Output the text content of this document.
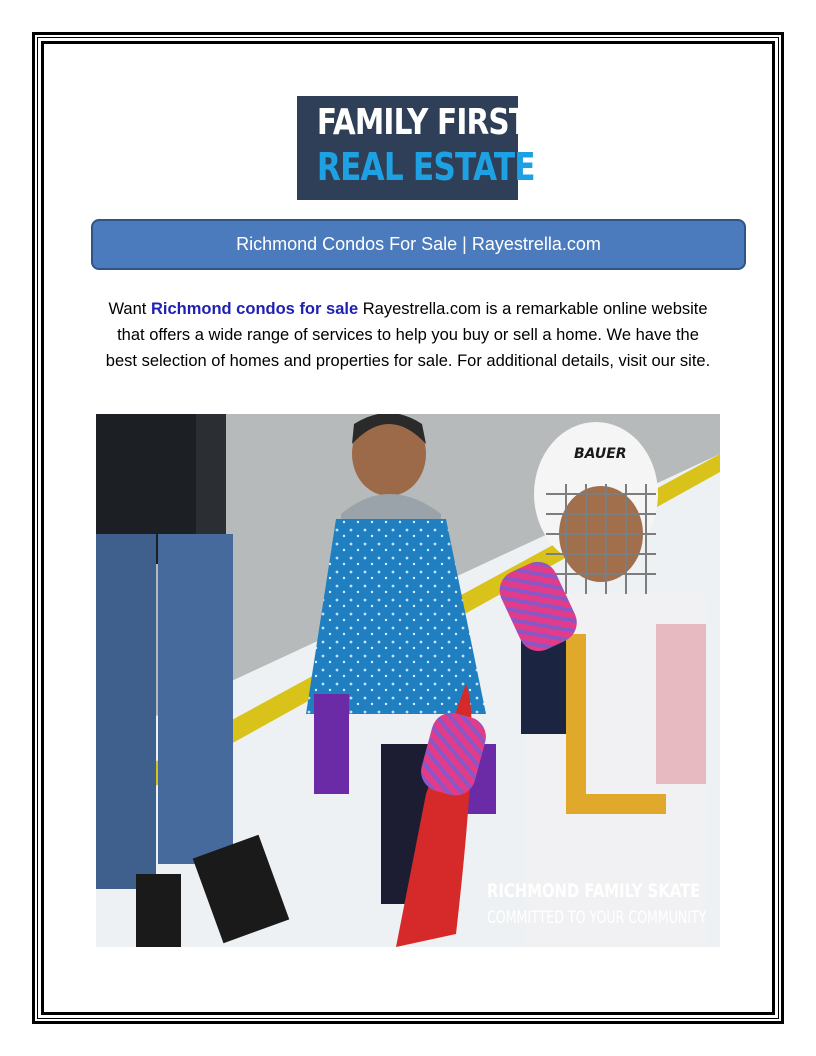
FAMILY FIRST
REAL ESTATE
Richmond Condos For Sale | Rayestrella.com
Want Richmond condos for sale Rayestrella.com is a remarkable online website that offers a wide range of services to help you buy or sell a home. We have the best selection of homes and properties for sale. For additional details, visit our site.
BAUER
RICHMOND FAMILY SKATE
COMMITTED TO YOUR COMMUNITY
